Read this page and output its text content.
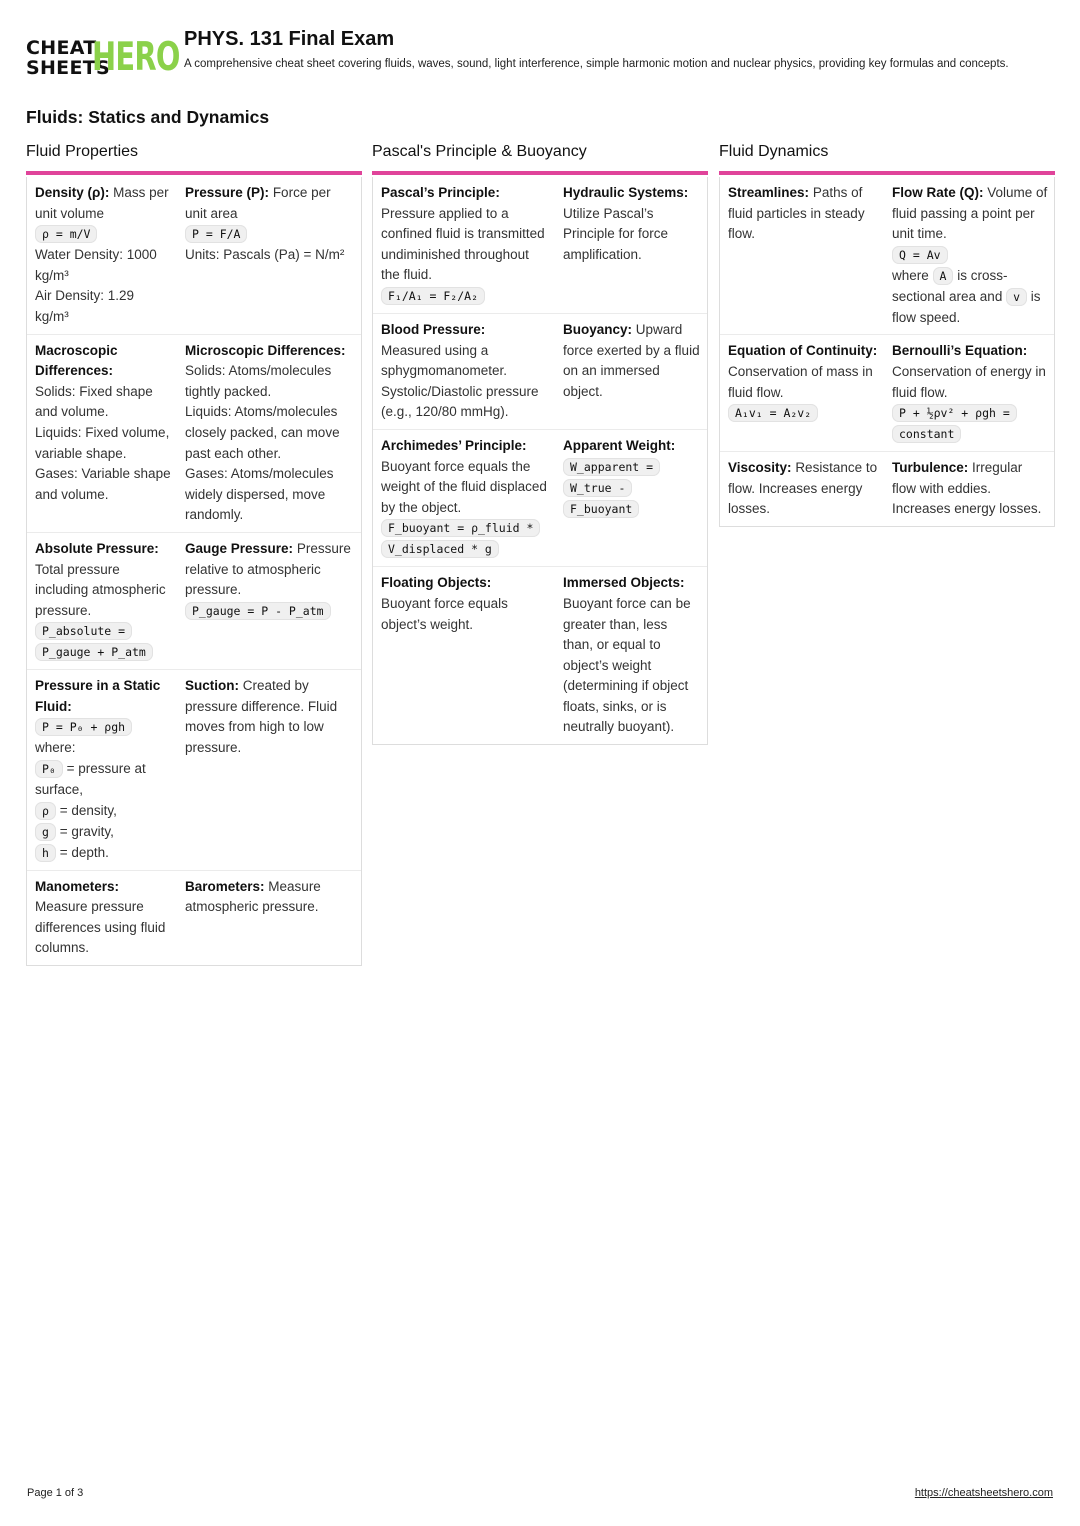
CHEAT
SHEETS
HERO PHYS. 131 Final Exam
A comprehensive cheat sheet covering fluids, waves, sound, light interference, simple harmonic motion and nuclear physics, providing key formulas and concepts.
Fluids: Statics and Dynamics
Fluid Properties
Density (ρ): Mass per unit volume
ρ = m/V
Water Density: 1000 kg/m³
Air Density: 1.29 kg/m³
Pressure (P): Force per unit area
P = F/A
Units: Pascals (Pa) = N/m²
Macroscopic Differences:
Solids: Fixed shape and volume.
Liquids: Fixed volume, variable shape.
Gases: Variable shape and volume.
Microscopic Differences:
Solids: Atoms/molecules tightly packed.
Liquids: Atoms/molecules closely packed, can move past each other.
Gases: Atoms/molecules widely dispersed, move randomly.
Absolute Pressure: Total pressure including atmospheric pressure.
P_absolute = P_gauge + P_atm
Gauge Pressure: Pressure relative to atmospheric pressure.
P_gauge = P - P_atm
Pressure in a Static Fluid:
P = P₀ + ρgh
where:
P₀ = pressure at surface,
ρ = density,
g = gravity,
h = depth.
Suction: Created by pressure difference. Fluid moves from high to low pressure.
Manometers: Measure pressure differences using fluid columns.
Barometers: Measure atmospheric pressure.
Pascal's Principle & Buoyancy
Pascal’s Principle:
Pressure applied to a confined fluid is transmitted undiminished throughout the fluid.
F₁/A₁ = F₂/A₂
Hydraulic Systems:
Utilize Pascal’s Principle for force amplification.
Blood Pressure:
Measured using a sphygmomanometer. Systolic/Diastolic pressure (e.g., 120/80 mmHg).
Buoyancy: Upward force exerted by a fluid on an immersed object.
Archimedes’ Principle:
Buoyant force equals the weight of the fluid displaced by the object.
F_buoyant = ρ_fluid * V_displaced * g
Apparent Weight:
W_apparent = W_true - F_buoyant
Floating Objects:
Buoyant force equals object’s weight.
Immersed Objects:
Buoyant force can be greater than, less than, or equal to object’s weight (determining if object floats, sinks, or is neutrally buoyant).
Fluid Dynamics
Streamlines: Paths of fluid particles in steady flow.
Flow Rate (Q): Volume of fluid passing a point per unit time.
Q = Av
where A is cross-sectional area and v is flow speed.
Equation of Continuity:
Conservation of mass in fluid flow.
A₁v₁ = A₂v₂
Bernoulli’s Equation:
Conservation of energy in fluid flow.
P + ½ρv² + ρgh = constant
Viscosity: Resistance to flow. Increases energy losses.
Turbulence: Irregular flow with eddies. Increases energy losses.
Page 1 of 3	https://cheatsheetshero.com
